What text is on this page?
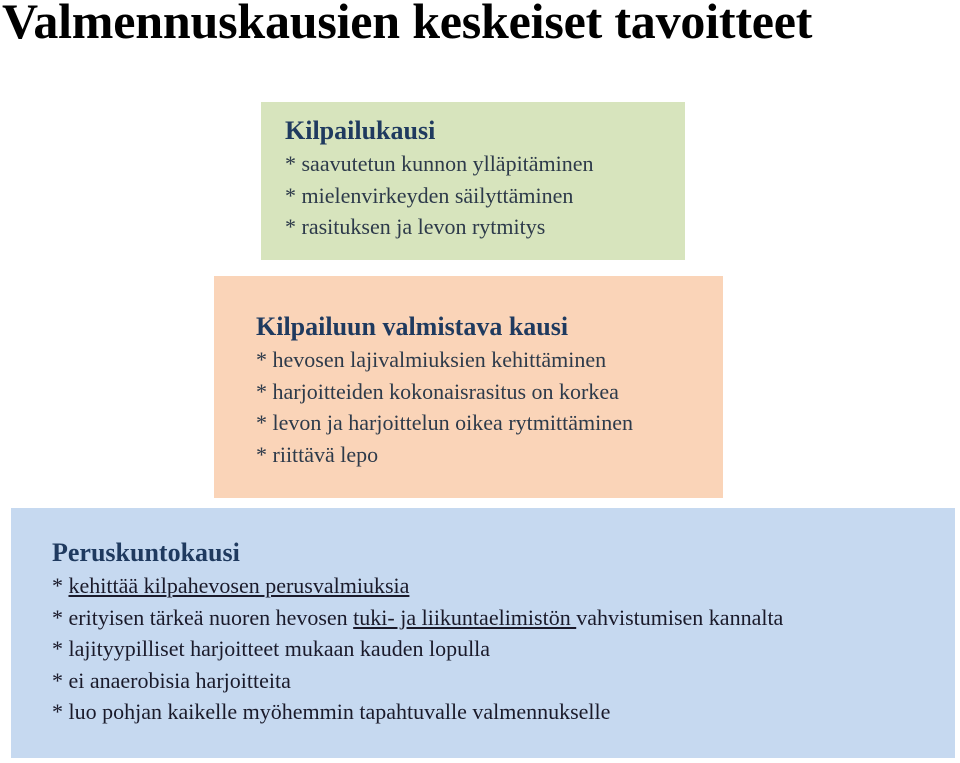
Valmennuskausien keskeiset tavoitteet
Kilpailukausi
* saavutetun kunnon ylläpitäminen
* mielenvirkeyden säilyttäminen
* rasituksen ja levon rytmitys
Kilpailuun valmistava kausi
* hevosen lajivalmiuksien kehittäminen
* harjoitteiden kokonaisrasitus on korkea
* levon ja harjoittelun oikea rytmittäminen
* riittävä lepo
Peruskuntokausi
* kehittää kilpahevosen perusvalmiuksia
* erityisen tärkeä nuoren hevosen tuki- ja liikuntaelimistön vahvistumisen kannalta
* lajityypilliset harjoitteet mukaan kauden lopulla
* ei anaerobisia harjoitteita
* luo pohjan kaikelle myöhemmin tapahtuvalle valmennukselle
